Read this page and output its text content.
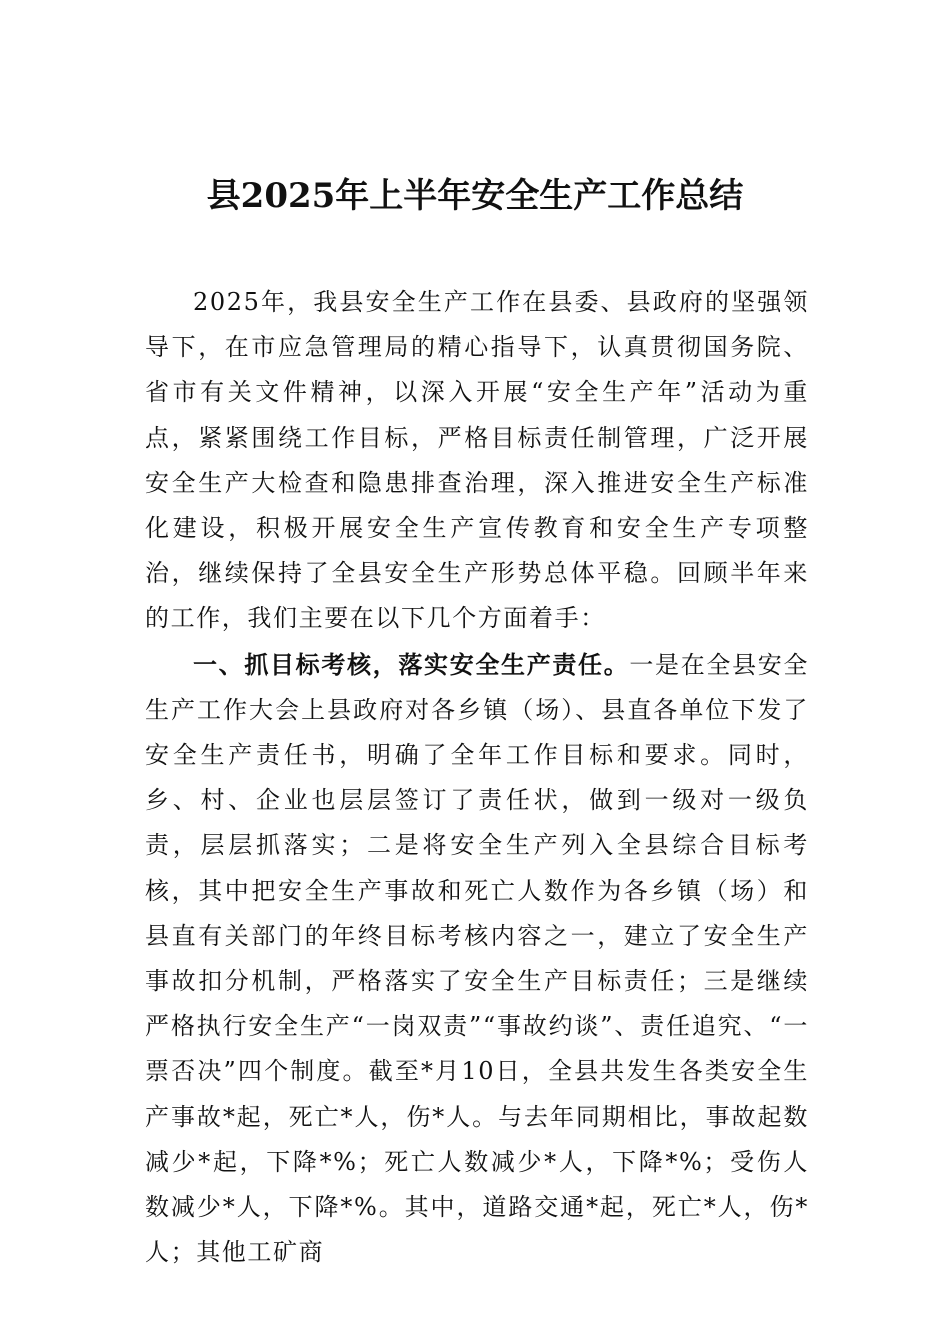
县2025年上半年安全生产工作总结

2025年，我县安全生产工作在县委、县政府的坚强领导下，在市应急管理局的精心指导下，认真贯彻国务院、省市有关文件精神，以深入开展“安全生产年”活动为重点，紧紧围绕工作目标，严格目标责任制管理，广泛开展安全生产大检查和隐患排查治理，深入推进安全生产标准化建设，积极开展安全生产宣传教育和安全生产专项整治，继续保持了全县安全生产形势总体平稳。回顾半年来的工作，我们主要在以下几个方面着手：

一、抓目标考核，落实安全生产责任。一是在全县安全生产工作大会上县政府对各乡镇（场）、县直各单位下发了安全生产责任书，明确了全年工作目标和要求。同时，乡、村、企业也层层签订了责任状，做到一级对一级负责，层层抓落实；二是将安全生产列入全县综合目标考核，其中把安全生产事故和死亡人数作为各乡镇（场）和县直有关部门的年终目标考核内容之一，建立了安全生产事故扣分机制，严格落实了安全生产目标责任；三是继续严格执行安全生产“一岗双责”“事故约谈”、责任追究、“一票否决”四个制度。截至*月10日，全县共发生各类安全生产事故*起，死亡*人，伤*人。与去年同期相比，事故起数减少*起，下降*%；死亡人数减少*人，下降*%；受伤人数减少*人，下降*%。其中，道路交通*起，死亡*人，伤*人；其他工矿商
